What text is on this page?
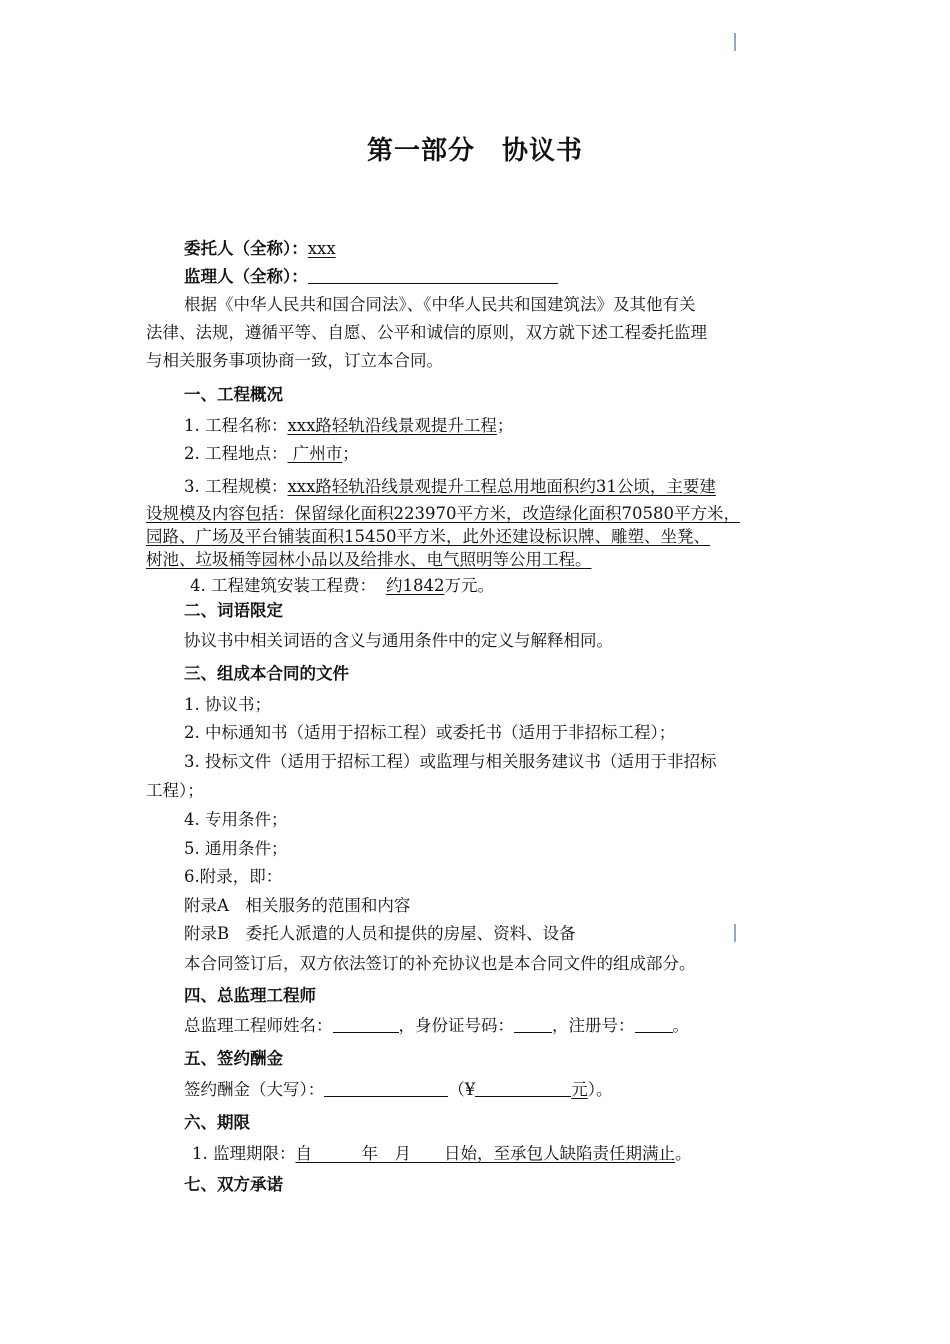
第一部分　协议书
委托人（全称）：xxx
监理人（全称）：
根据《中华人民共和国合同法》、《中华人民共和国建筑法》及其他有关
法律、法规，遵循平等、自愿、公平和诚信的原则，双方就下述工程委托监理
与相关服务事项协商一致，订立本合同。
一、工程概况
1. 工程名称：xxx路轻轨沿线景观提升工程；
2. 工程地点： 广州市；
3. 工程规模：xxx路轻轨沿线景观提升工程总用地面积约31公顷，主要建
设规模及内容包括：保留绿化面积223970平方米，改造绿化面积70580平方米，
园路、广场及平台铺装面积15450平方米，此外还建设标识牌、雕塑、坐凳、
树池、垃圾桶等园林小品以及给排水、电气照明等公用工程。
4. 工程建筑安装工程费： 约1842万元。
二、词语限定
协议书中相关词语的含义与通用条件中的定义与解释相同。
三、组成本合同的文件
1. 协议书；
2. 中标通知书（适用于招标工程）或委托书（适用于非招标工程）；
3. 投标文件（适用于招标工程）或监理与相关服务建议书（适用于非招标
工程）；
4. 专用条件；
5. 通用条件；
6.附录，即：
附录A　相关服务的范围和内容
附录B　委托人派遣的人员和提供的房屋、资料、设备
本合同签订后，双方依法签订的补充协议也是本合同文件的组成部分。
四、总监理工程师
总监理工程师姓名：	，身份证号码： ，注册号： 。
五、签约酬金
签约酬金（大写）：	（¥	元）。
六、期限
1. 监理期限：自　　　年　月　　日始，至承包人缺陷责任期满止。
七、双方承诺
